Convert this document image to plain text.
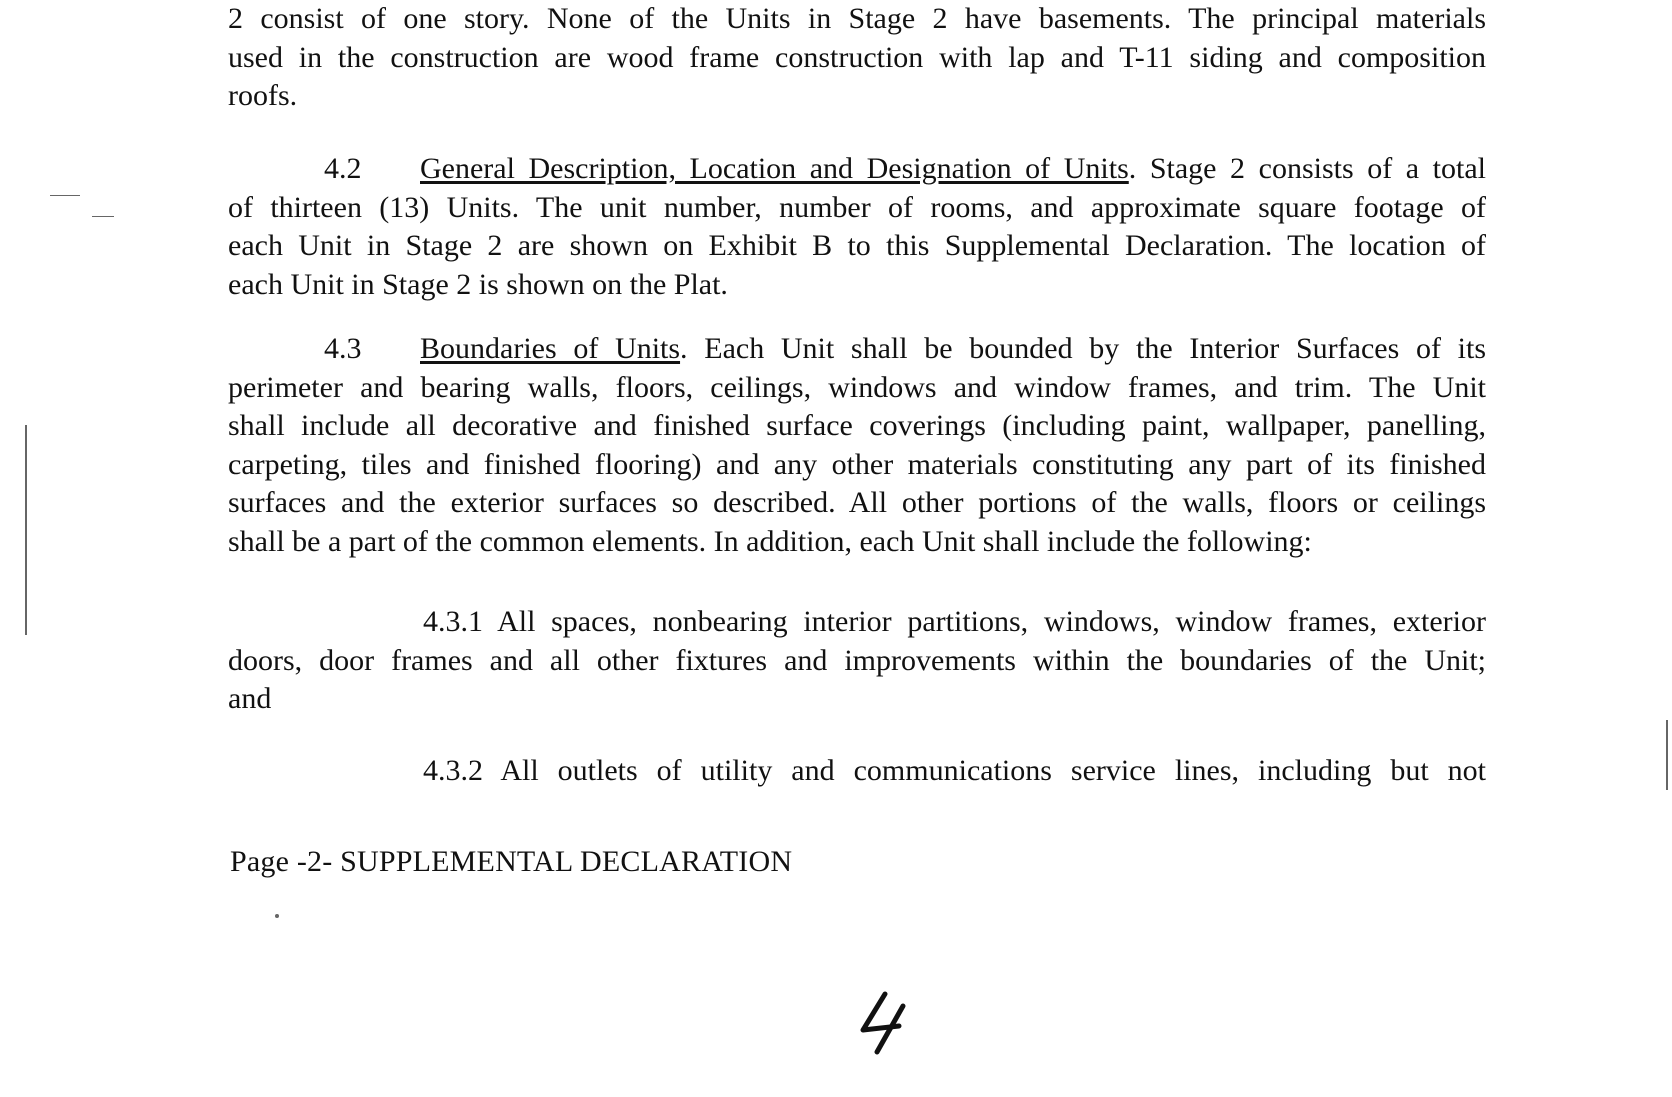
2 consist of one story. None of the Units in Stage 2 have basements. The principal materials
used in the construction are wood frame construction with lap and T-11 siding and composition
roofs.
4.2 General Description, Location and Designation of Units. Stage 2 consists of a total
of thirteen (13) Units. The unit number, number of rooms, and approximate square footage of
each Unit in Stage 2 are shown on Exhibit B to this Supplemental Declaration. The location of
each Unit in Stage 2 is shown on the Plat.
4.3 Boundaries of Units. Each Unit shall be bounded by the Interior Surfaces of its
perimeter and bearing walls, floors, ceilings, windows and window frames, and trim. The Unit
shall include all decorative and finished surface coverings (including paint, wallpaper, panelling,
carpeting, tiles and finished flooring) and any other materials constituting any part of its finished
surfaces and the exterior surfaces so described. All other portions of the walls, floors or ceilings
shall be a part of the common elements. In addition, each Unit shall include the following:
4.3.1 All spaces, nonbearing interior partitions, windows, window frames, exterior
doors, door frames and all other fixtures and improvements within the boundaries of the Unit;
and
4.3.2 All outlets of utility and communications service lines, including but not
Page -2- SUPPLEMENTAL DECLARATION
